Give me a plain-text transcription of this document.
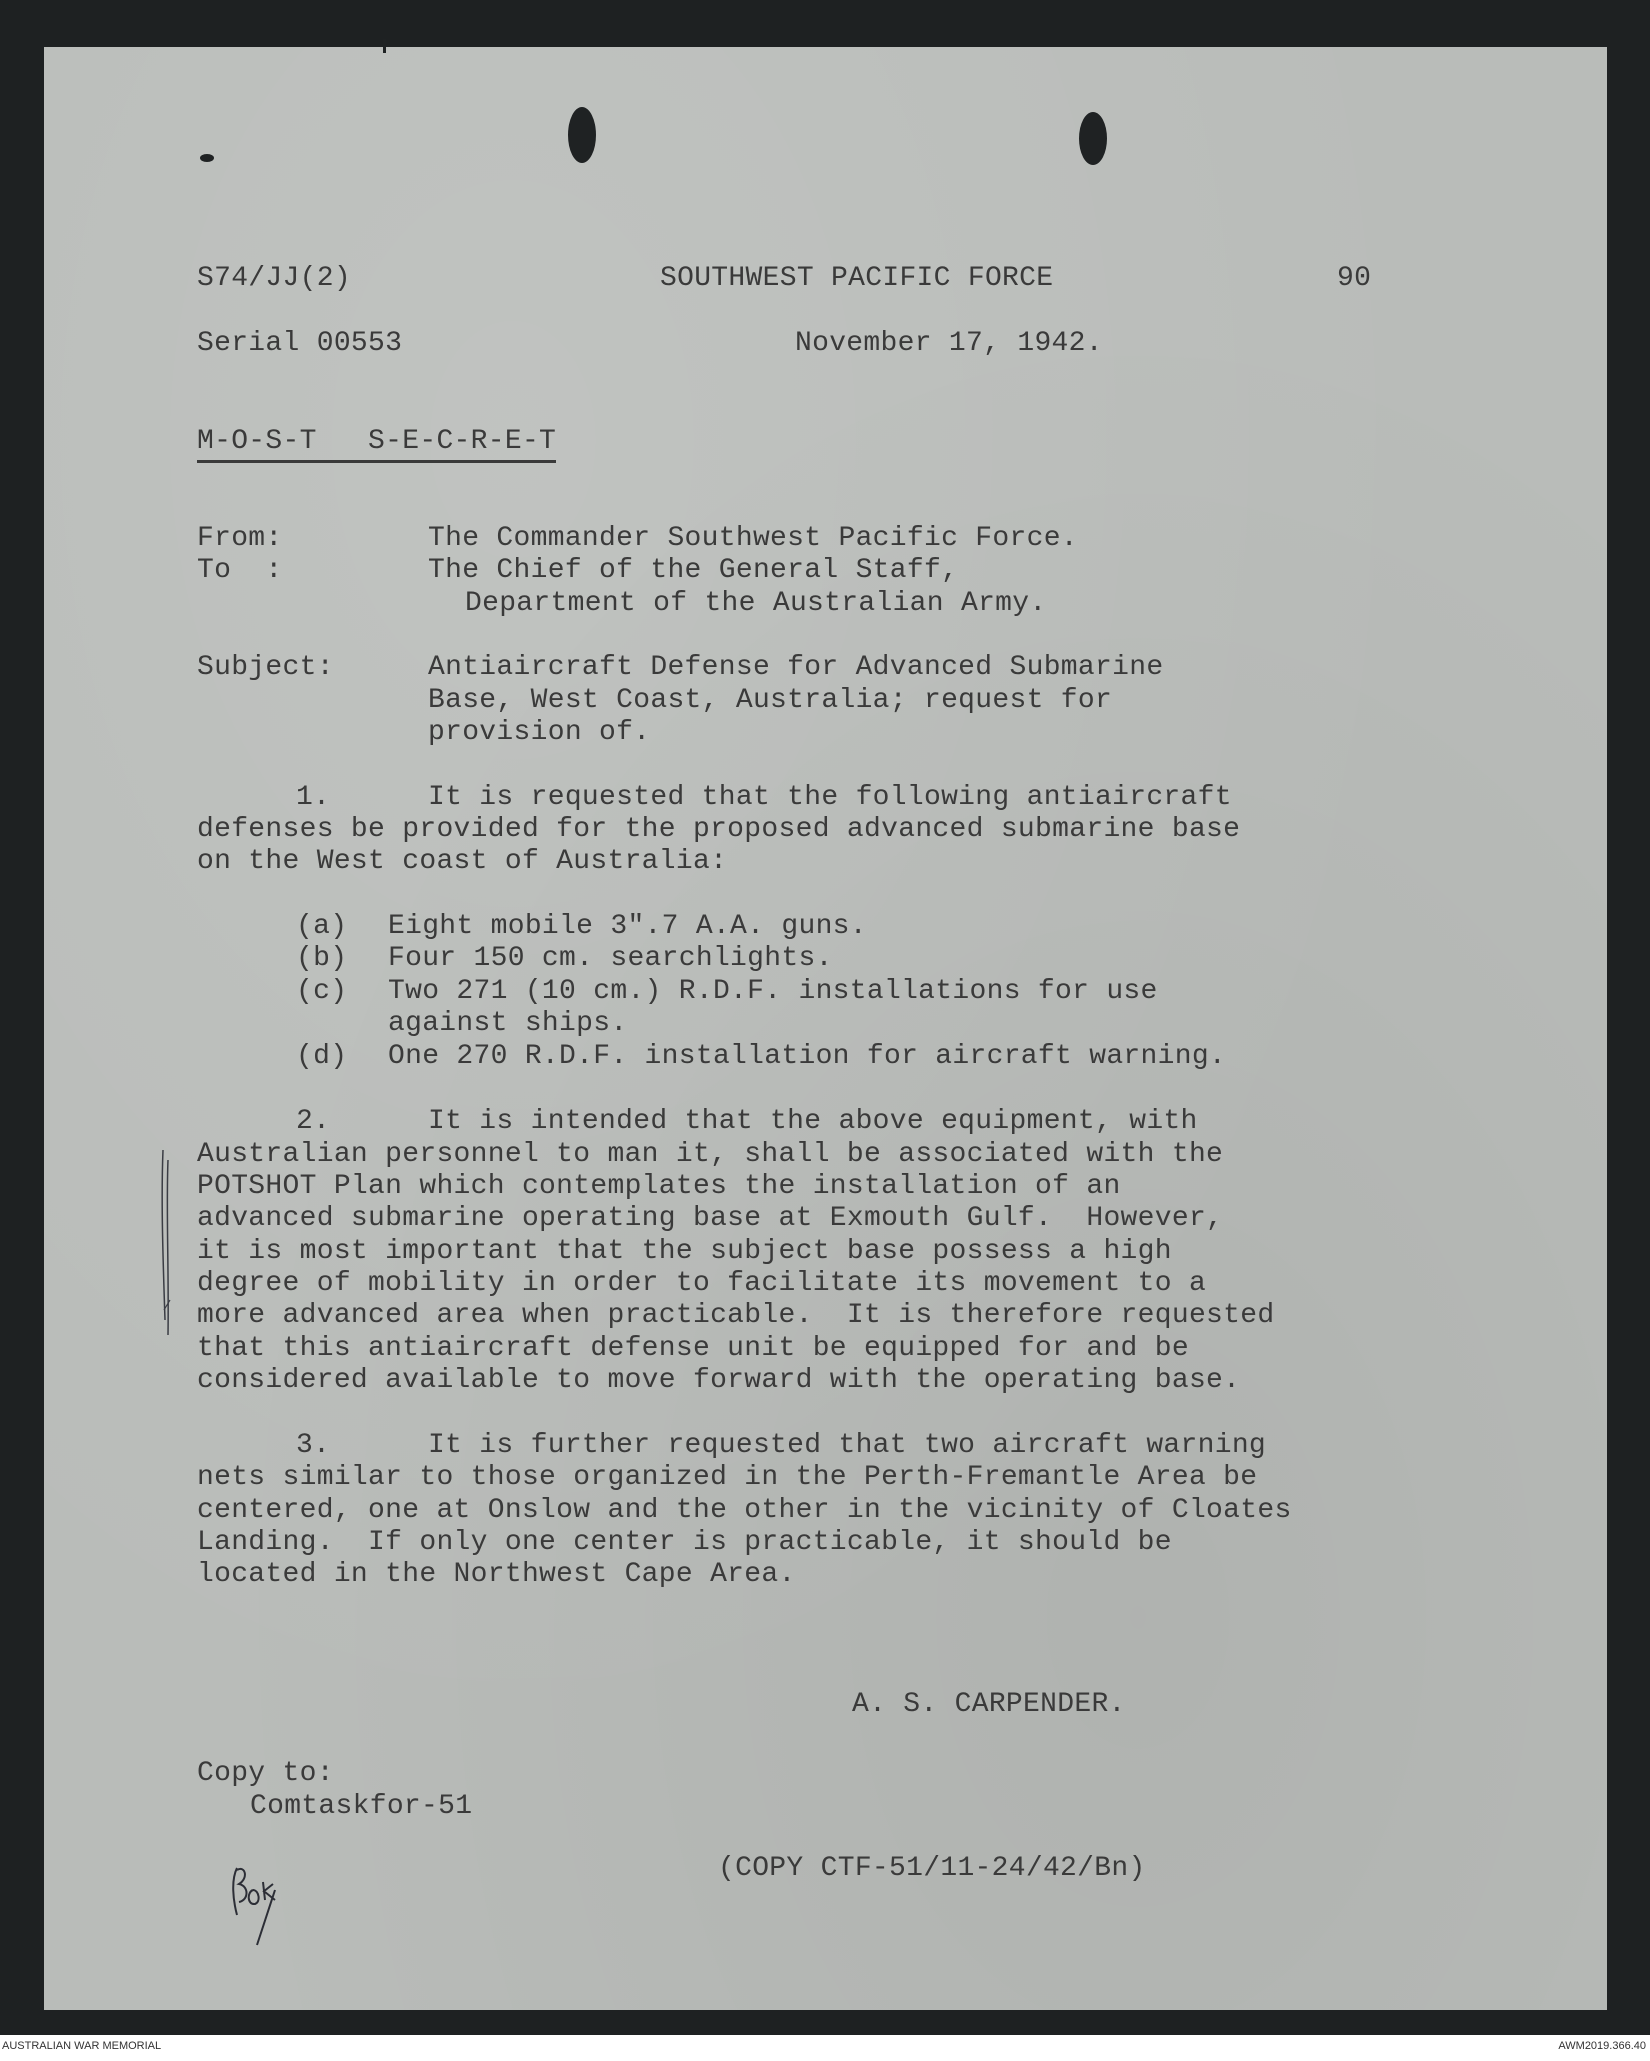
S74/JJ(2)	SOUTHWEST PACIFIC FORCE	90
Serial 00553	November 17, 1942.
M-O-S-T   S-E-C-R-E-T
From:	The Commander Southwest Pacific Force.
To  :	The Chief of the General Staff,
Department of the Australian Army.
Subject:	Antiaircraft Defense for Advanced Submarine
Base, West Coast, Australia; request for
provision of.
1.	It is requested that the following antiaircraft
defenses be provided for the proposed advanced submarine base
on the West coast of Australia:
(a) Eight mobile 3".7 A.A. guns.
(b) Four 150 cm. searchlights.
(c) Two 271 (10 cm.) R.D.F. installations for use
against ships.
(d) One 270 R.D.F. installation for aircraft warning.
2.	It is intended that the above equipment, with
Australian personnel to man it, shall be associated with the
POTSHOT Plan which contemplates the installation of an
advanced submarine operating base at Exmouth Gulf.  However,
it is most important that the subject base possess a high
degree of mobility in order to facilitate its movement to a
more advanced area when practicable.  It is therefore requested
that this antiaircraft defense unit be equipped for and be
considered available to move forward with the operating base.
3.	It is further requested that two aircraft warning
nets similar to those organized in the Perth-Fremantle Area be
centered, one at Onslow and the other in the vicinity of Cloates
Landing.  If only one center is practicable, it should be
located in the Northwest Cape Area.
A. S. CARPENDER.
Copy to:
Comtaskfor-51
(COPY CTF-51/11-24/42/Bn)
AUSTRALIAN WAR MEMORIAL	AWM2019.366.40
